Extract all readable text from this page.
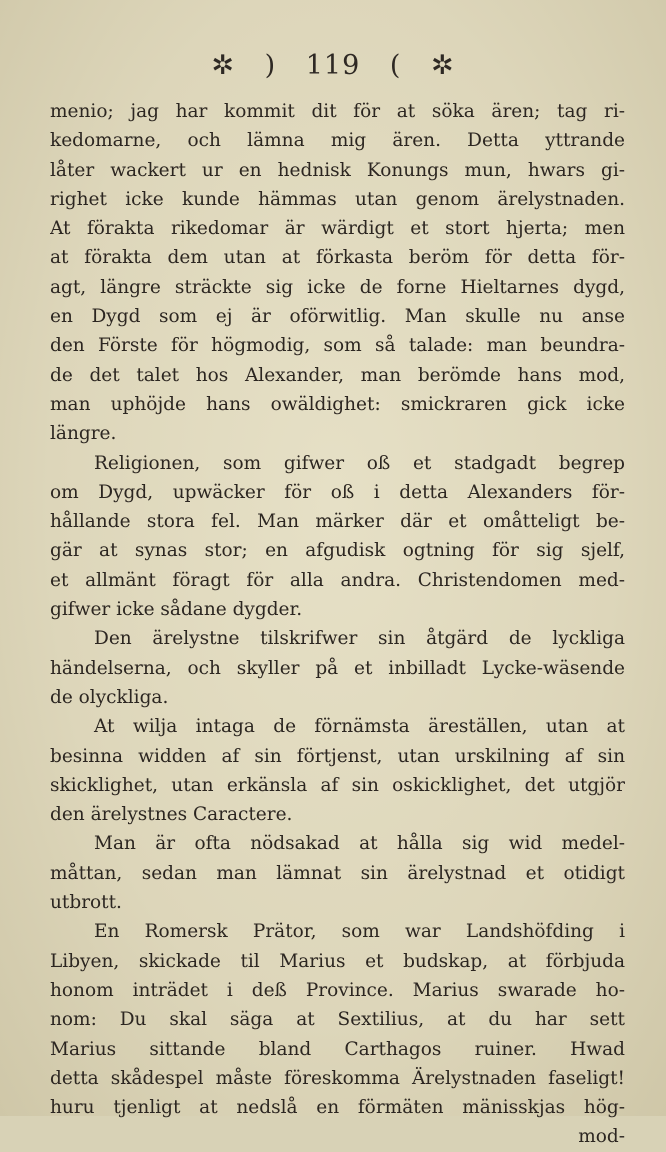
✲ ) 119 ( ✲
menio; jag har kommit dit för at söka ären; tag ri-
kedomarne, och lämna mig ären. Detta yttrande
låter wackert ur en hednisk Konungs mun, hwars gi-
righet icke kunde hämmas utan genom ärelystnaden.
At förakta rikedomar är wärdigt et stort hjerta; men
at förakta dem utan at förkasta beröm för detta för-
agt, längre sträckte sig icke de forne Hieltarnes dygd,
en Dygd som ej är oförwitlig. Man skulle nu anse
den Förste för högmodig, som så talade: man beundra-
de det talet hos Alexander, man berömde hans mod,
man uphöjde hans owäldighet: smickraren gick icke
längre.
Religionen, som gifwer oß et stadgadt begrep
om Dygd, upwäcker för oß i detta Alexanders för-
hållande stora fel. Man märker där et omåtteligt be-
gär at synas stor; en afgudisk ogtning för sig sjelf,
et allmänt föragt för alla andra. Christendomen med-
gifwer icke sådane dygder.
Den ärelystne tilskrifwer sin åtgärd de lyckliga
händelserna, och skyller på et inbilladt Lycke-wäsende
de olyckliga.
At wilja intaga de förnämsta äreställen, utan at
besinna widden af sin förtjenst, utan urskilning af sin
skicklighet, utan erkänsla af sin oskicklighet, det utgjör
den ärelystnes Caractere.
Man är ofta nödsakad at hålla sig wid medel-
måttan, sedan man lämnat sin ärelystnad et otidigt
utbrott.
En Romersk Prätor, som war Landshöfding i
Libyen, skickade til Marius et budskap, at förbjuda
honom inträdet i deß Province. Marius swarade ho-
nom: Du skal säga at Sextilius, at du har sett
Marius sittande bland Carthagos ruiner. Hwad
detta skådespel måste föreskomma Ärelystnaden faseligt!
huru tjenligt at nedslå en förmäten mänisskjas hög-
mod-
